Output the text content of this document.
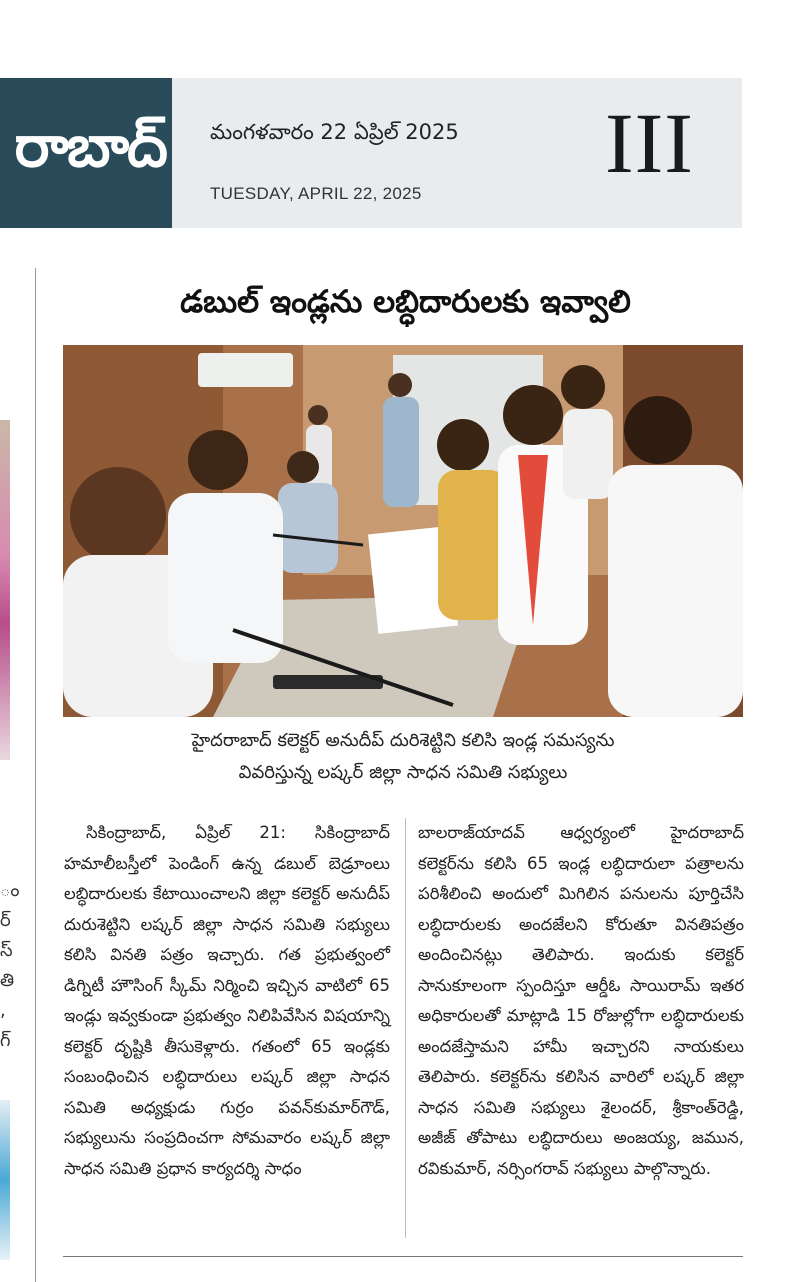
రాబాద్ మంగళవారం 22 ఏప్రిల్ 2025
TUESDAY, APRIL 22, 2025
III
ం
ర్
స్
తి
,
గ్
డబుల్ ఇండ్లను లబ్ధిదారులకు ఇవ్వాలి
హైదరాబాద్ కలెక్టర్ అనుదీప్ దురిశెట్టిని కలిసి ఇండ్ల సమస్యను
వివరిస్తున్న లష్కర్ జిల్లా సాధన సమితి సభ్యులు
సికింద్రాబాద్, ఏప్రిల్ 21: సికింద్రాబాద్ హమాలీబస్తీలో పెండింగ్ ఉన్న డబుల్ బెడ్రూంలు లబ్ధిదారులకు కేటాయించాలని జిల్లా కలెక్టర్ అనుదీప్ దురుశెట్టిని లష్కర్ జిల్లా సాధన సమితి సభ్యులు కలిసి వినతి పత్రం ఇచ్చారు. గత ప్రభుత్వంలో డిగ్నిటీ హౌసింగ్ స్కీమ్ నిర్మించి ఇచ్చిన వాటిలో 65 ఇండ్లు ఇవ్వకుండా ప్రభుత్వం నిలిపివేసిన విషయాన్ని కలెక్టర్ దృష్టికి తీసుకెళ్లారు. గతంలో 65 ఇండ్లకు సంబంధించిన లబ్ధిదారులు లష్కర్ జిల్లా సాధన సమితి అధ్యక్షుడు గుర్రం పవన్‌కుమార్‌గౌడ్, సభ్యులును సంప్రదించగా సోమవారం లష్కర్ జిల్లా సాధన సమితి ప్రధాన కార్యదర్శి సాధం
బాలరాజ్‌యాదవ్ ఆధ్వర్యంలో హైదరాబాద్ కలెక్టర్‌ను కలిసి 65 ఇండ్ల లబ్ధిదారులా పత్రాలను పరిశీలించి అందులో మిగిలిన పనులను పూర్తిచేసి లబ్ధిదారులకు అందజేలని కోరుతూ వినతిపత్రం అందించినట్లు తెలిపారు. ఇందుకు కలెక్టర్ సానుకూలంగా స్పందిస్తూ ఆర్డీఓ సాయిరామ్ ఇతర అధికారులతో మాట్లాడి 15 రోజుల్లోగా లబ్ధిదారులకు అందజేస్తామని హామీ ఇచ్చారని నాయకులు తెలిపారు. కలెక్టర్‌ను కలిసిన వారిలో లష్కర్ జిల్లా సాధన సమితి సభ్యులు శైలందర్, శ్రీకాంత్‌రెడ్డి, అజీజ్ తోపాటు లబ్ధిదారులు అంజయ్య, జమున, రవికుమార్, నర్సింగరావ్ సభ్యులు పాల్గొన్నారు.
